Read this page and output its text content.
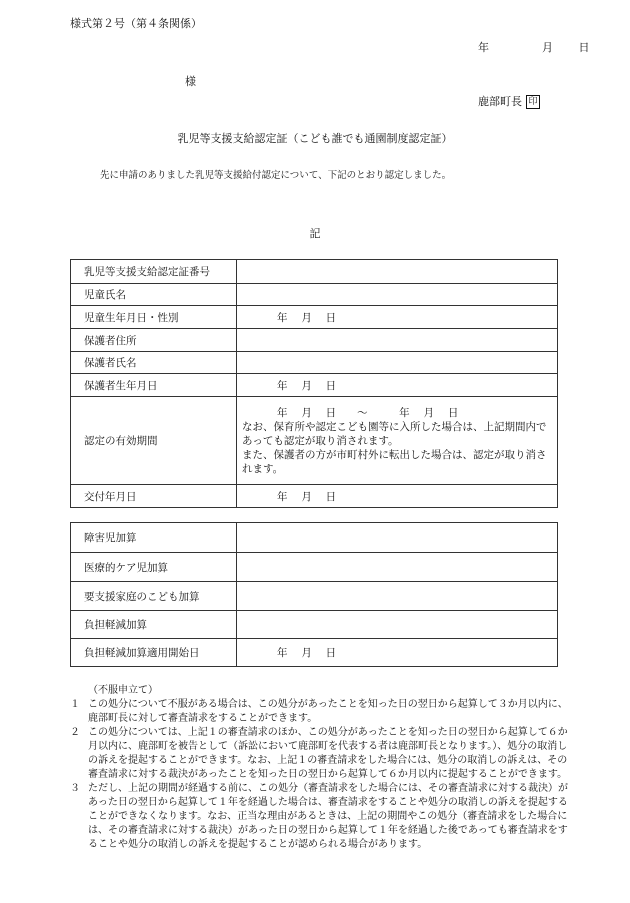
様式第２号（第４条関係）
年	月 日
様
鹿部町長 印
乳児等支援支給認定証（こども誰でも通園制度認定証）
先に申請のありました乳児等支援給付認定について、下記のとおり認定しました。
記
乳児等支援支給認定証番号	
児童氏名	
児童生年月日・性別	年　 月　 日
保護者住所	
保護者氏名	
保護者生年月日	年　 月　 日
認定の有効期間	年　 月　 日　　～　　　年　 月　 日
なお、保育所や認定こども園等に入所した場合は、上記期間内であっても認定が取り消されます。
また、保護者の方が市町村外に転出した場合は、認定が取り消されます。

交付年月日	年　 月　 日
障害児加算	
医療的ケア児加算	
要支援家庭のこども加算	
負担軽減加算	
負担軽減加算適用開始日	年　 月　 日
（不服申立て）
１ この処分について不服がある場合は、この処分があったことを知った日の翌日から起算して３か月以内に、鹿部町長に対して審査請求をすることができます。
２ この処分については、上記１の審査請求のほか、この処分があったことを知った日の翌日から起算して６か月以内に、鹿部町を被告として（訴訟において鹿部町を代表する者は鹿部町長となります。）、処分の取消しの訴えを提起することができます。なお、上記１の審査請求をした場合には、処分の取消しの訴えは、その審査請求に対する裁決があったことを知った日の翌日から起算して６か月以内に提起することができます。
３ ただし、上記の期間が経過する前に、この処分（審査請求をした場合には、その審査請求に対する裁決）があった日の翌日から起算して１年を経過した場合は、審査請求をすることや処分の取消しの訴えを提起することができなくなります。なお、正当な理由があるときは、上記の期間やこの処分（審査請求をした場合には、その審査請求に対する裁決）があった日の翌日から起算して１年を経過した後であっても審査請求をすることや処分の取消しの訴えを提起することが認められる場合があります。
